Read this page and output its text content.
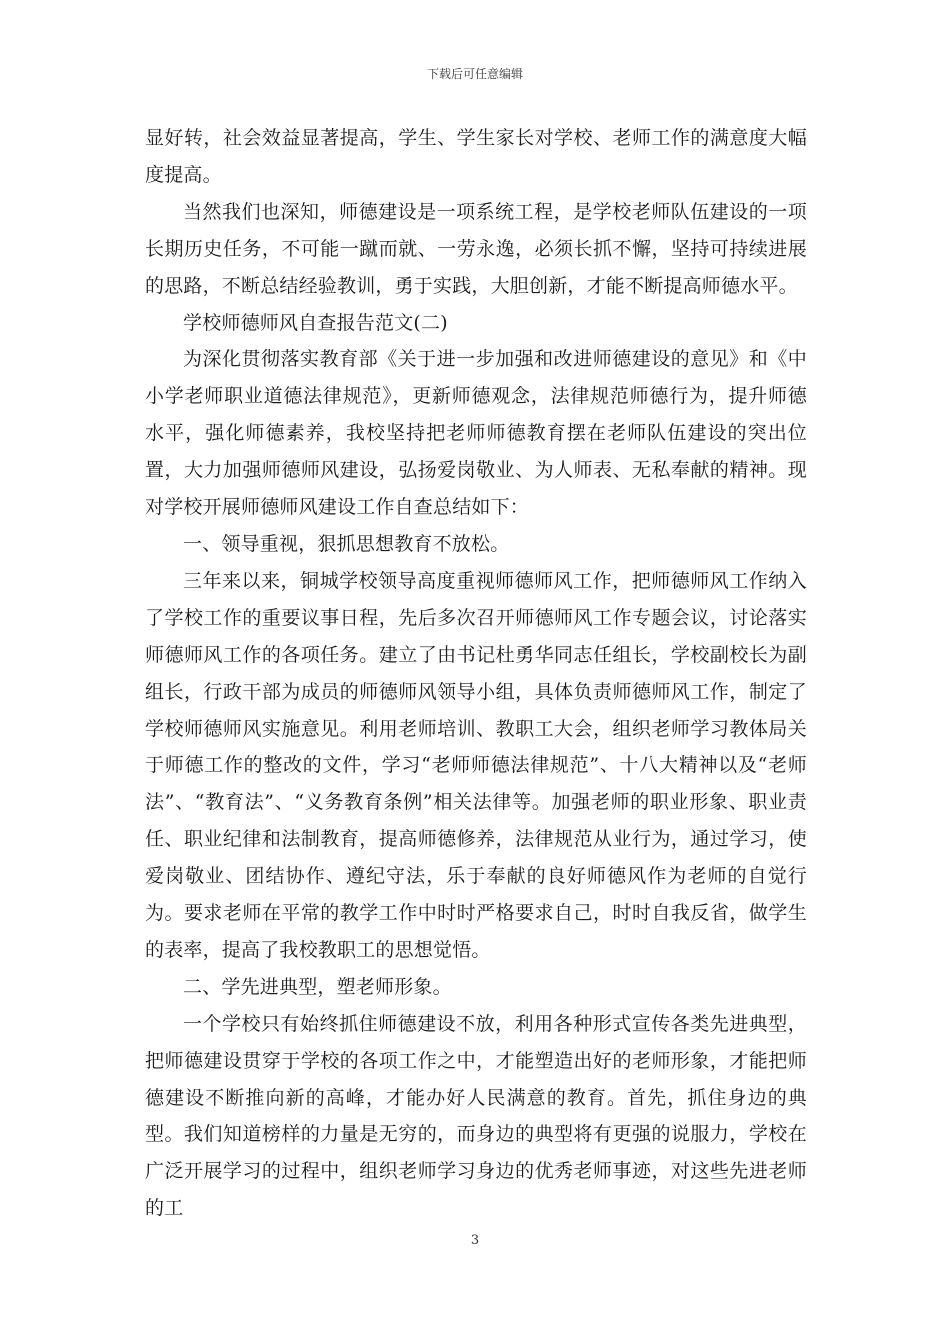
下载后可任意编辑

显好转，社会效益显著提高，学生、学生家长对学校、老师工作的满意度大幅度提高。

当然我们也深知，师德建设是一项系统工程，是学校老师队伍建设的一项长期历史任务，不可能一蹴而就、一劳永逸，必须长抓不懈，坚持可持续进展的思路，不断总结经验教训，勇于实践，大胆创新，才能不断提高师德水平。

学校师德师风自查报告范文(二)

为深化贯彻落实教育部《关于进一步加强和改进师德建设的意见》和《中小学老师职业道德法律规范》，更新师德观念，法律规范师德行为，提升师德水平，强化师德素养，我校坚持把老师师德教育摆在老师队伍建设的突出位置，大力加强师德师风建设，弘扬爱岗敬业、为人师表、无私奉献的精神。现对学校开展师德师风建设工作自查总结如下：

一、领导重视，狠抓思想教育不放松。

三年来以来，铜城学校领导高度重视师德师风工作，把师德师风工作纳入了学校工作的重要议事日程，先后多次召开师德师风工作专题会议，讨论落实师德师风工作的各项任务。建立了由书记杜勇华同志任组长，学校副校长为副组长，行政干部为成员的师德师风领导小组，具体负责师德师风工作，制定了学校师德师风实施意见。利用老师培训、教职工大会，组织老师学习教体局关于师德工作的整改的文件，学习“老师师德法律规范”、十八大精神以及“老师法”、“教育法”、“义务教育条例”相关法律等。加强老师的职业形象、职业责任、职业纪律和法制教育，提高师德修养，法律规范从业行为，通过学习，使爱岗敬业、团结协作、遵纪守法，乐于奉献的良好师德风作为老师的自觉行为。要求老师在平常的教学工作中时时严格要求自己，时时自我反省，做学生的表率，提高了我校教职工的思想觉悟。

二、学先进典型，塑老师形象。

一个学校只有始终抓住师德建设不放，利用各种形式宣传各类先进典型，把师德建设贯穿于学校的各项工作之中，才能塑造出好的老师形象，才能把师德建设不断推向新的高峰，才能办好人民满意的教育。首先，抓住身边的典型。我们知道榜样的力量是无穷的，而身边的典型将有更强的说服力，学校在广泛开展学习的过程中，组织老师学习身边的优秀老师事迹，对这些先进老师的工

3
